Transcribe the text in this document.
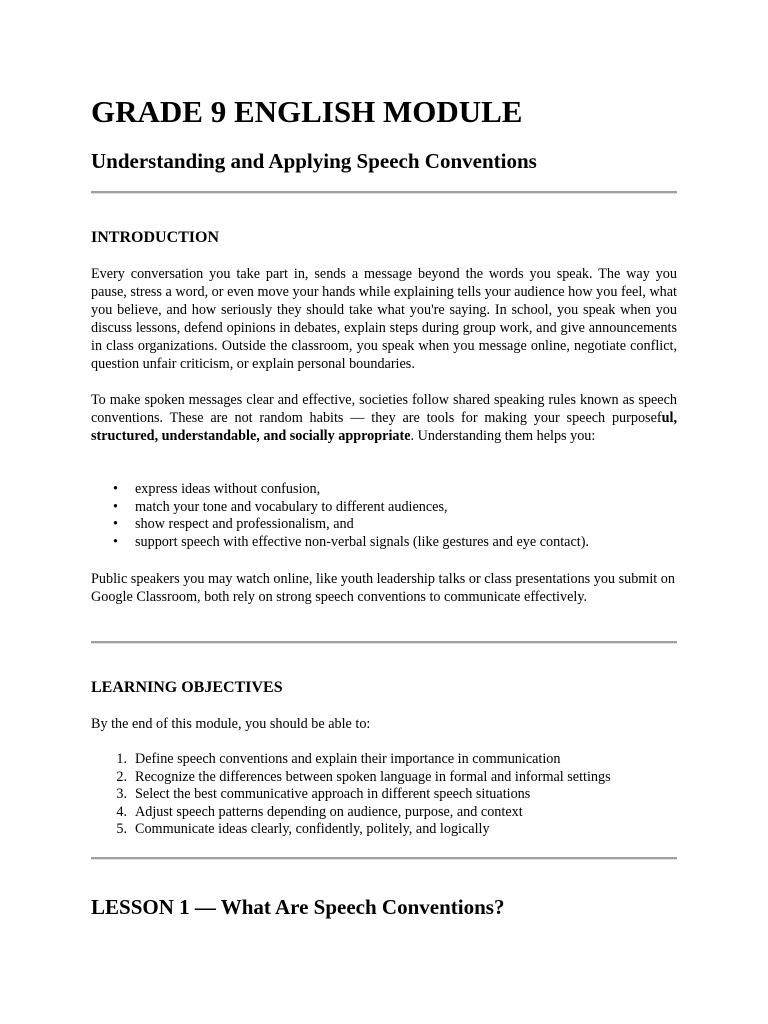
GRADE 9 ENGLISH MODULE
Understanding and Applying Speech Conventions
INTRODUCTION

Every conversation you take part in, sends a message beyond the words you speak. The way you pause, stress a word, or even move your hands while explaining tells your audience how you feel, what you believe, and how seriously they should take what you're saying. In school, you speak when you discuss lessons, defend opinions in debates, explain steps during group work, and give announcements in class organizations. Outside the classroom, you speak when you message online, negotiate conflict, question unfair criticism, or explain personal boundaries.

To make spoken messages clear and effective, societies follow shared speaking rules known as speech conventions. These are not random habits — they are tools for making your speech purposeful, structured, understandable, and socially appropriate. Understanding them helps you:

• express ideas without confusion,
• match your tone and vocabulary to different audiences,
• show respect and professionalism, and
• support speech with effective non-verbal signals (like gestures and eye contact).

Public speakers you may watch online, like youth leadership talks or class presentations you submit on Google Classroom, both rely on strong speech conventions to communicate effectively.

LEARNING OBJECTIVES

By the end of this module, you should be able to:

1. Define speech conventions and explain their importance in communication
2. Recognize the differences between spoken language in formal and informal settings
3. Select the best communicative approach in different speech situations
4. Adjust speech patterns depending on audience, purpose, and context
5. Communicate ideas clearly, confidently, politely, and logically
LESSON 1 — What Are Speech Conventions?
